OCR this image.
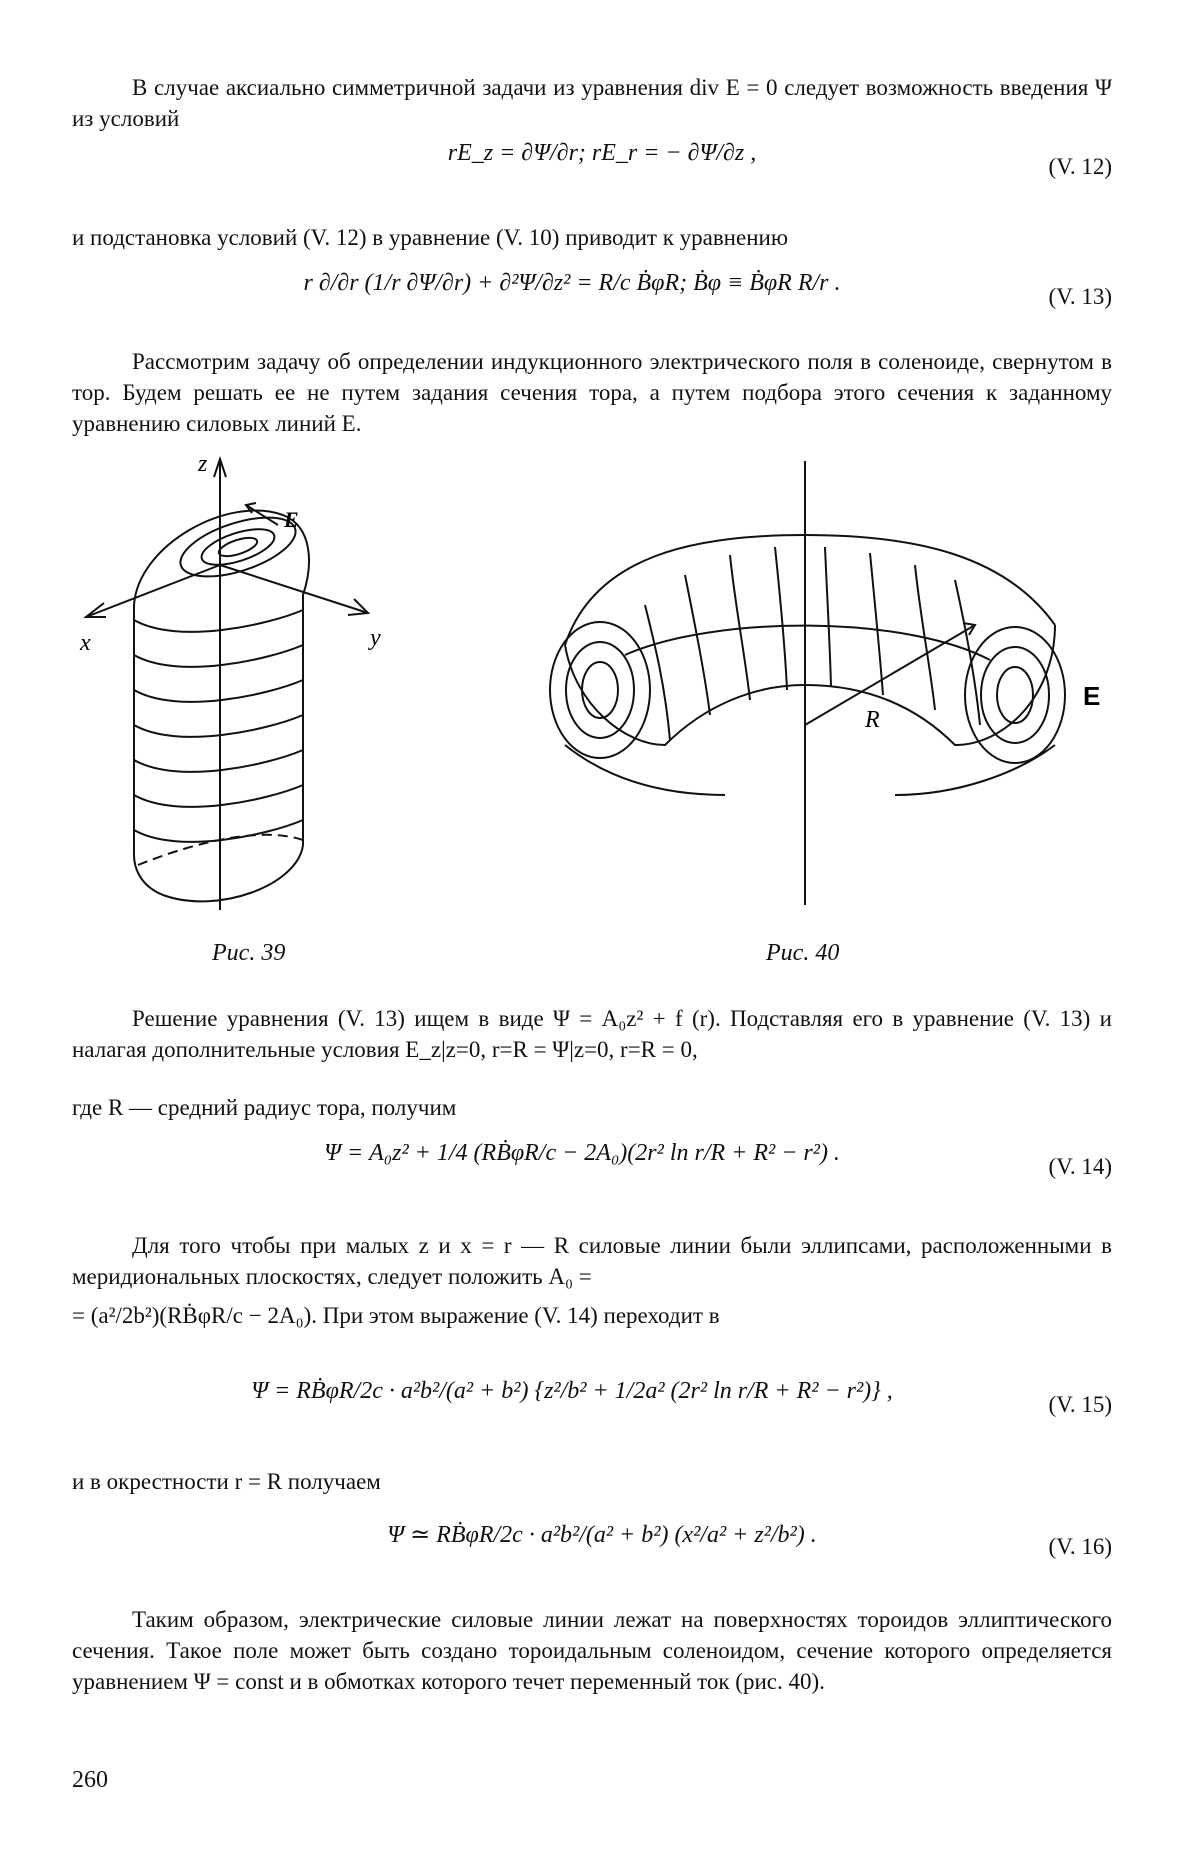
В случае аксиально симметричной задачи из уравнения div E = 0 следует возможность введения Ψ из условий

rE_z = ∂Ψ/∂r; rE_r = − ∂Ψ/∂z ,
(V. 12)

и подстановка условий (V. 12) в уравнение (V. 10) приводит к уравнению

r ∂/∂r (1/r ∂Ψ/∂r) + ∂²Ψ/∂z² = R/c ḂφR; Ḃφ ≡ ḂφR R/r .
(V. 13)

Рассмотрим задачу об определении индукционного электрического поля в соленоиде, свернутом в тор. Будем решать ее не путем задания сечения тора, а путем подбора этого сечения к заданному уравнению силовых линий E.

z
x	y
E
Рис. 39
E
R
Рис. 40

Решение уравнения (V. 13) ищем в виде Ψ = A₀z² + f (r). Подставляя его в уравнение (V. 13) и налагая дополнительные условия E_z|z=0, r=R = Ψ|z=0, r=R = 0,

где R — средний радиус тора, получим

Ψ = A₀z² + 1/4 (RḂφR/c − 2A₀)(2r² ln r/R + R² − r²) .
(V. 14)

Для того чтобы при малых z и x = r — R силовые линии были эллипсами, расположенными в меридиональных плоскостях, следует положить A₀ =

= (a²/2b²)(RḂφR/c − 2A₀). При этом выражение (V. 14) переходит в

Ψ = RḂφR/2c · a²b²/(a² + b²) {z²/b² + 1/2a² (2r² ln r/R + R² − r²)} ,
(V. 15)

и в окрестности r = R получаем

Ψ ≃ RḂφR/2c · a²b²/(a² + b²) (x²/a² + z²/b²) .	(V. 16)

Таким образом, электрические силовые линии лежат на поверхностях тороидов эллиптического сечения. Такое поле может быть создано тороидальным соленоидом, сечение которого определяется уравнением Ψ = const и в обмотках которого течет переменный ток (рис. 40).

260
